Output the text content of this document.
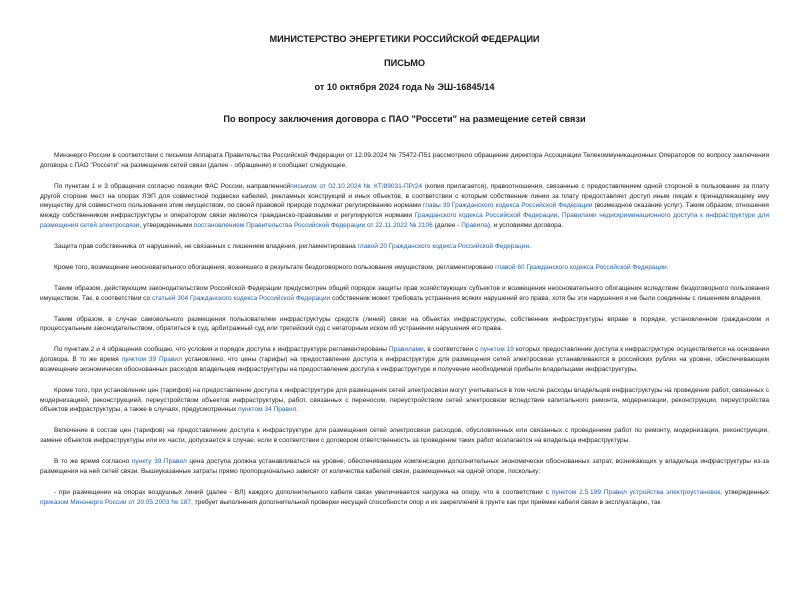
МИНИСТЕРСТВО ЭНЕРГЕТИКИ РОССИЙСКОЙ ФЕДЕРАЦИИ
ПИСЬМО
от 10 октября 2024 года № ЭШ-16845/14
По вопросу заключения договора с ПАО "Россети" на размещение сетей связи

Минэнерго России в соответствии с письмом Аппарата Правительства Российской Федерации от 12.09.2024 № 75472-П51 рассмотрело обращение директора Ассоциации Телекоммуникационных Операторов по вопросу заключения договора с ПАО "Россети" на размещение сетей связи (далее - обращение) и сообщает следующее.

По пунктам 1 и 3 обращения согласно позиции ФАС России, направленнойписьмом от 02.10.2024 № КТ/89031-ПР/24 (копия прилагается), правоотношения, связанные с предоставлением одной стороной в пользование за плату другой стороне мест на опорах ЛЭП для совместной подвески кабелей, рекламных конструкций и иных объектов, в соответствии с которым собственник линии за плату предоставляет доступ иным лицам к принадлежащему ему имуществу для совместного пользования этим имуществом, по своей правовой природе подлежат регулированию нормами главы 39 Гражданского кодекса Российской Федерации (возмездное оказание услуг). Таким образом, отношения между собственником инфраструктуры и оператором связи являются гражданско-правовыми и регулируются нормами Гражданского кодекса Российской Федерации, Правилами недискриминационного доступа к инфраструктуре для размещения сетей электросвязи, утвержденными постановлением Правительства Российской Федерации от 22.11.2022 № 2106 (далее - Правила), и условиями договора.

Защита прав собственника от нарушений, не связанных с лишением владения, регламентирована главой 20 Гражданского кодекса Российской Федерации.

Кроме того, возмещение неосновательного обогащения, возникшего в результате бездоговорного пользования имуществом, регламентировано главой 60 Гражданского кодекса Российской Федерации.

Таким образом, действующим законодательством Российской Федерации предусмотрен общий порядок защиты прав хозяйствующих субъектов и возмещения неосновательного обогащения вследствие бездоговорного пользования имуществом. Так, в соответствии со статьей 304 Гражданского кодекса Российской Федерации собственник может требовать устранения всяких нарушений его права, хотя бы эти нарушения и не были соединены с лишением владения.

Таким образом, в случае самовольного размещения пользователем инфраструктуры средств (линий) связи на объектах инфраструктуры, собственник инфраструктуры вправе в порядке, установленном гражданским и процессуальным законодательством, обратиться в суд, арбитражный суд или третейский суд с негаторным иском об устранении нарушения его права.

По пунктам 2 и 4 обращения сообщаю, что условия и порядок доступа к инфраструктуре регламентированы Правилами, в соответствии с пунктом 19 которых предоставление доступа к инфраструктуре осуществляется на основании договора. В то же время пунктом 39 Правил установлено, что цены (тарифы) на предоставление доступа к инфраструктуре для размещения сетей электросвязи устанавливаются в российских рублях на уровне, обеспечивающем возмещение экономически обоснованных расходов владельцев инфраструктуры на предоставление доступа к инфраструктуре и получение необходимой прибыли владельцами инфраструктуры.

Кроме того, при установлении цен (тарифов) на предоставление доступа к инфраструктуре для размещения сетей электросвязи могут учитываться в том числе расходы владельцев инфраструктуры на проведение работ, связанных с модернизацией, реконструкцией, переустройством объектов инфраструктуры, работ, связанных с переносом, переустройством сетей электросвязи вследствие капитального ремонта, модернизации, реконструкции, переустройства объектов инфраструктуры, а также в случаях, предусмотренных пунктом 34 Правил.

Включение в состав цен (тарифов) на предоставление доступа к инфраструктуре для размещения сетей электросвязи расходов, обусловленных или связанных с проведением работ по ремонту, модернизации, реконструкции, замене объектов инфраструктуры или их части, допускается в случае, если в соответствии с договором ответственность за проведение таких работ возлагается на владельца инфраструктуры.

В то же время согласно пункту 39 Правил цена доступа должна устанавливаться на уровне, обеспечивающем компенсацию дополнительных экономически обоснованных затрат, возникающих у владельца инфраструктуры из-за размещения на ней сетей связи. Вышеуказанные затраты прямо пропорционально зависят от количества кабелей связи, размещенных на одной опоре, поскольку:

- при размещении на опорах воздушных линий (далее - ВЛ) каждого дополнительного кабеля связи увеличивается нагрузка на опору, что в соответствии с пунктом 2.5.199 Правил устройства электроустановок, утвержденных приказом Минэнерго России от 20.05.2003 № 187, требует выполнения дополнительной проверки несущей способности опор и их закреплений в грунте как при приёмке кабеля связи в эксплуатацию, так
